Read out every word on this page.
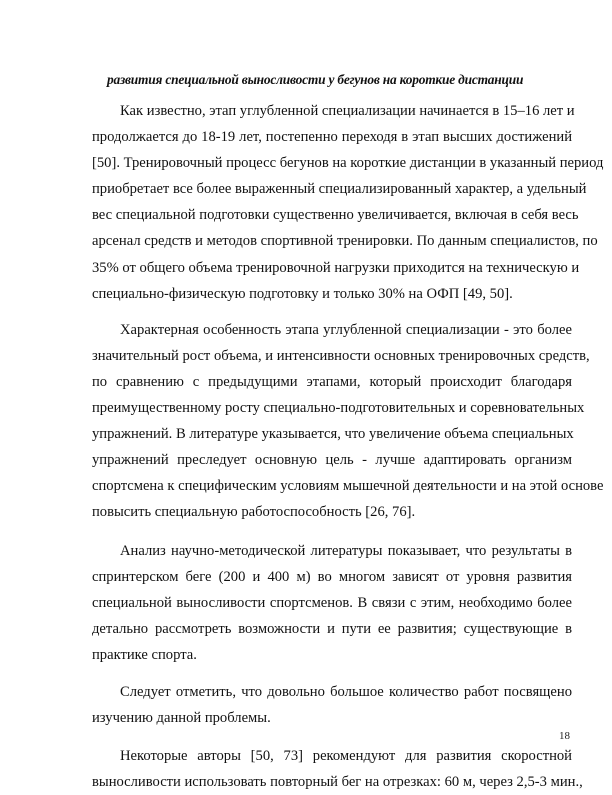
развития специальной выносливости у бегунов на короткие дистанции
Как известно, этап углубленной специализации начинается в 15–16 лет и
продолжается до 18-19 лет, постепенно переходя в этап высших достижений
[50]. Тренировочный процесс бегунов на короткие дистанции в указанный период
приобретает все более выраженный специализированный характер, а удельный
вес специальной подготовки существенно увеличивается, включая в себя весь
арсенал средств и методов спортивной тренировки. По данным специалистов, по
35% от общего объема тренировочной нагрузки приходится на техническую и
специально-физическую подготовку и только 30% на ОФП [49, 50].
Характерная особенность этапа углубленной специализации - это более
значительный рост объема, и интенсивности основных тренировочных средств,
по сравнению с предыдущими этапами, который происходит благодаря
преимущественному росту специально-подготовительных и соревновательных
упражнений. В литературе указывается, что увеличение объема специальных
упражнений преследует основную цель - лучше адаптировать организм
спортсмена к специфическим условиям мышечной деятельности и на этой основе
повысить специальную работоспособность [26, 76].
Анализ научно-методической литературы показывает, что результаты в
спринтерском беге (200 и 400 м) во многом зависят от уровня развития
специальной выносливости спортсменов. В связи с этим, необходимо более
детально рассмотреть возможности и пути ее развития; существующие в
практике спорта.
Следует отметить, что довольно большое количество работ посвящено
изучению данной проблемы.
Некоторые авторы [50, 73] рекомендуют для развития скоростной
выносливости использовать повторный бег на отрезках: 60 м, через 2,5-3 мин.,
18
